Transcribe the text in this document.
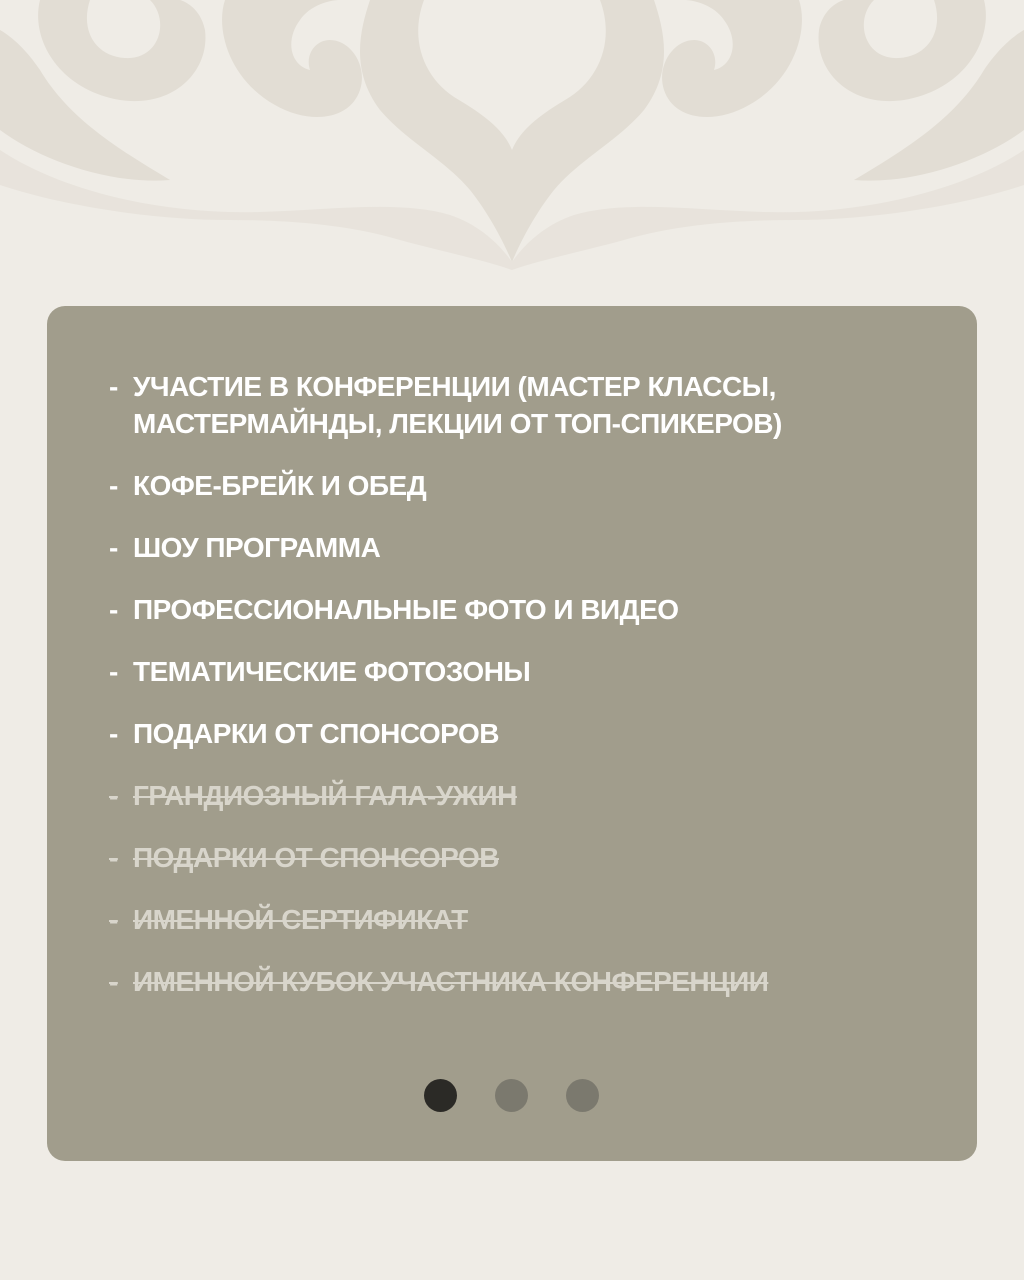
- УЧАСТИЕ В КОНФЕРЕНЦИИ (МАСТЕР КЛАССЫ, МАСТЕРМАЙНДЫ, ЛЕКЦИИ ОТ ТОП-СПИКЕРОВ)
- КОФЕ-БРЕЙК И ОБЕД
- ШОУ ПРОГРАММА
- ПРОФЕССИОНАЛЬНЫЕ ФОТО И ВИДЕО
- ТЕМАТИЧЕСКИЕ ФОТОЗОНЫ
- ПОДАРКИ ОТ СПОНСОРОВ
- ГРАНДИОЗНЫЙ ГАЛА-УЖИН
- ПОДАРКИ ОТ СПОНСОРОВ
- ИМЕННОЙ СЕРТИФИКАТ
- ИМЕННОЙ КУБОК УЧАСТНИКА КОНФЕРЕНЦИИ
